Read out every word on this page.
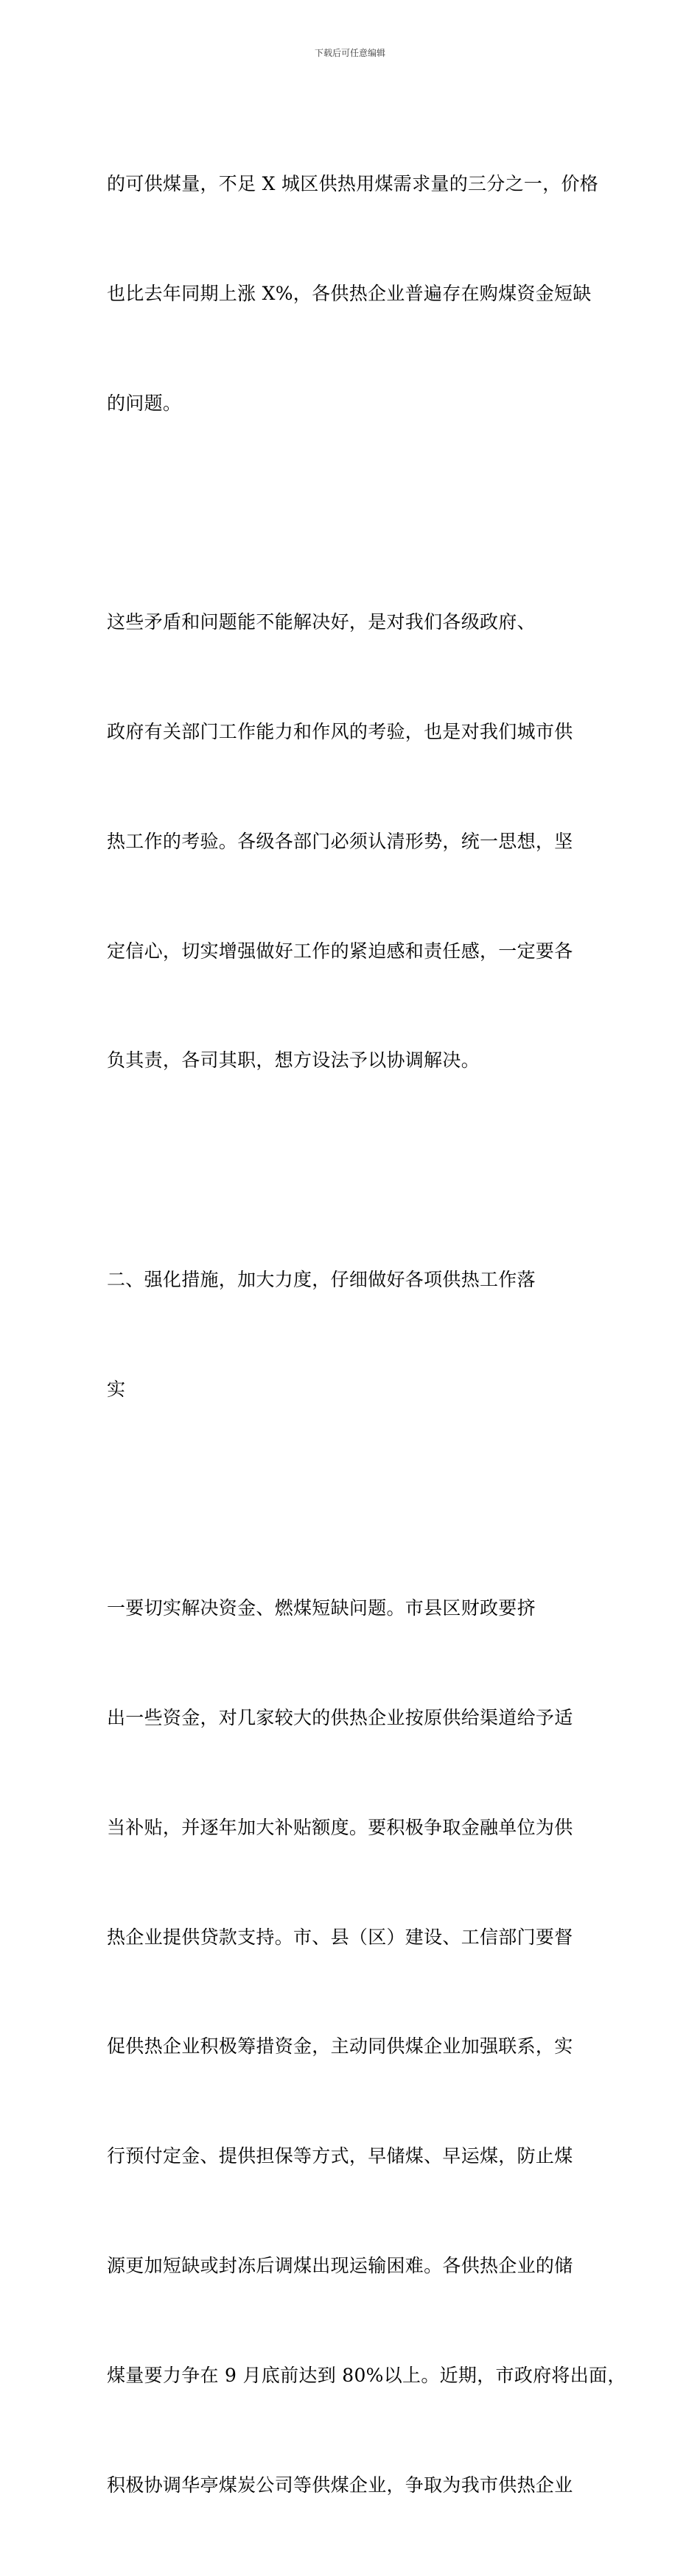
下载后可任意编辑

的可供煤量，不足 X 城区供热用煤需求量的三分之一，价格

也比去年同期上涨 X%，各供热企业普遍存在购煤资金短缺

的问题。

这些矛盾和问题能不能解决好，是对我们各级政府、

政府有关部门工作能力和作风的考验，也是对我们城市供

热工作的考验。各级各部门必须认清形势，统一思想，坚

定信心，切实增强做好工作的紧迫感和责任感，一定要各

负其责，各司其职，想方设法予以协调解决。

二、强化措施，加大力度，仔细做好各项供热工作落

实

一要切实解决资金、燃煤短缺问题。市县区财政要挤

出一些资金，对几家较大的供热企业按原供给渠道给予适

当补贴，并逐年加大补贴额度。要积极争取金融单位为供

热企业提供贷款支持。市、县（区）建设、工信部门要督

促供热企业积极筹措资金，主动同供煤企业加强联系，实

行预付定金、提供担保等方式，早储煤、早运煤，防止煤

源更加短缺或封冻后调煤出现运输困难。各供热企业的储

煤量要力争在 9 月底前达到 80%以上。近期，市政府将出面，

积极协调华亭煤炭公司等供煤企业，争取为我市供热企业
